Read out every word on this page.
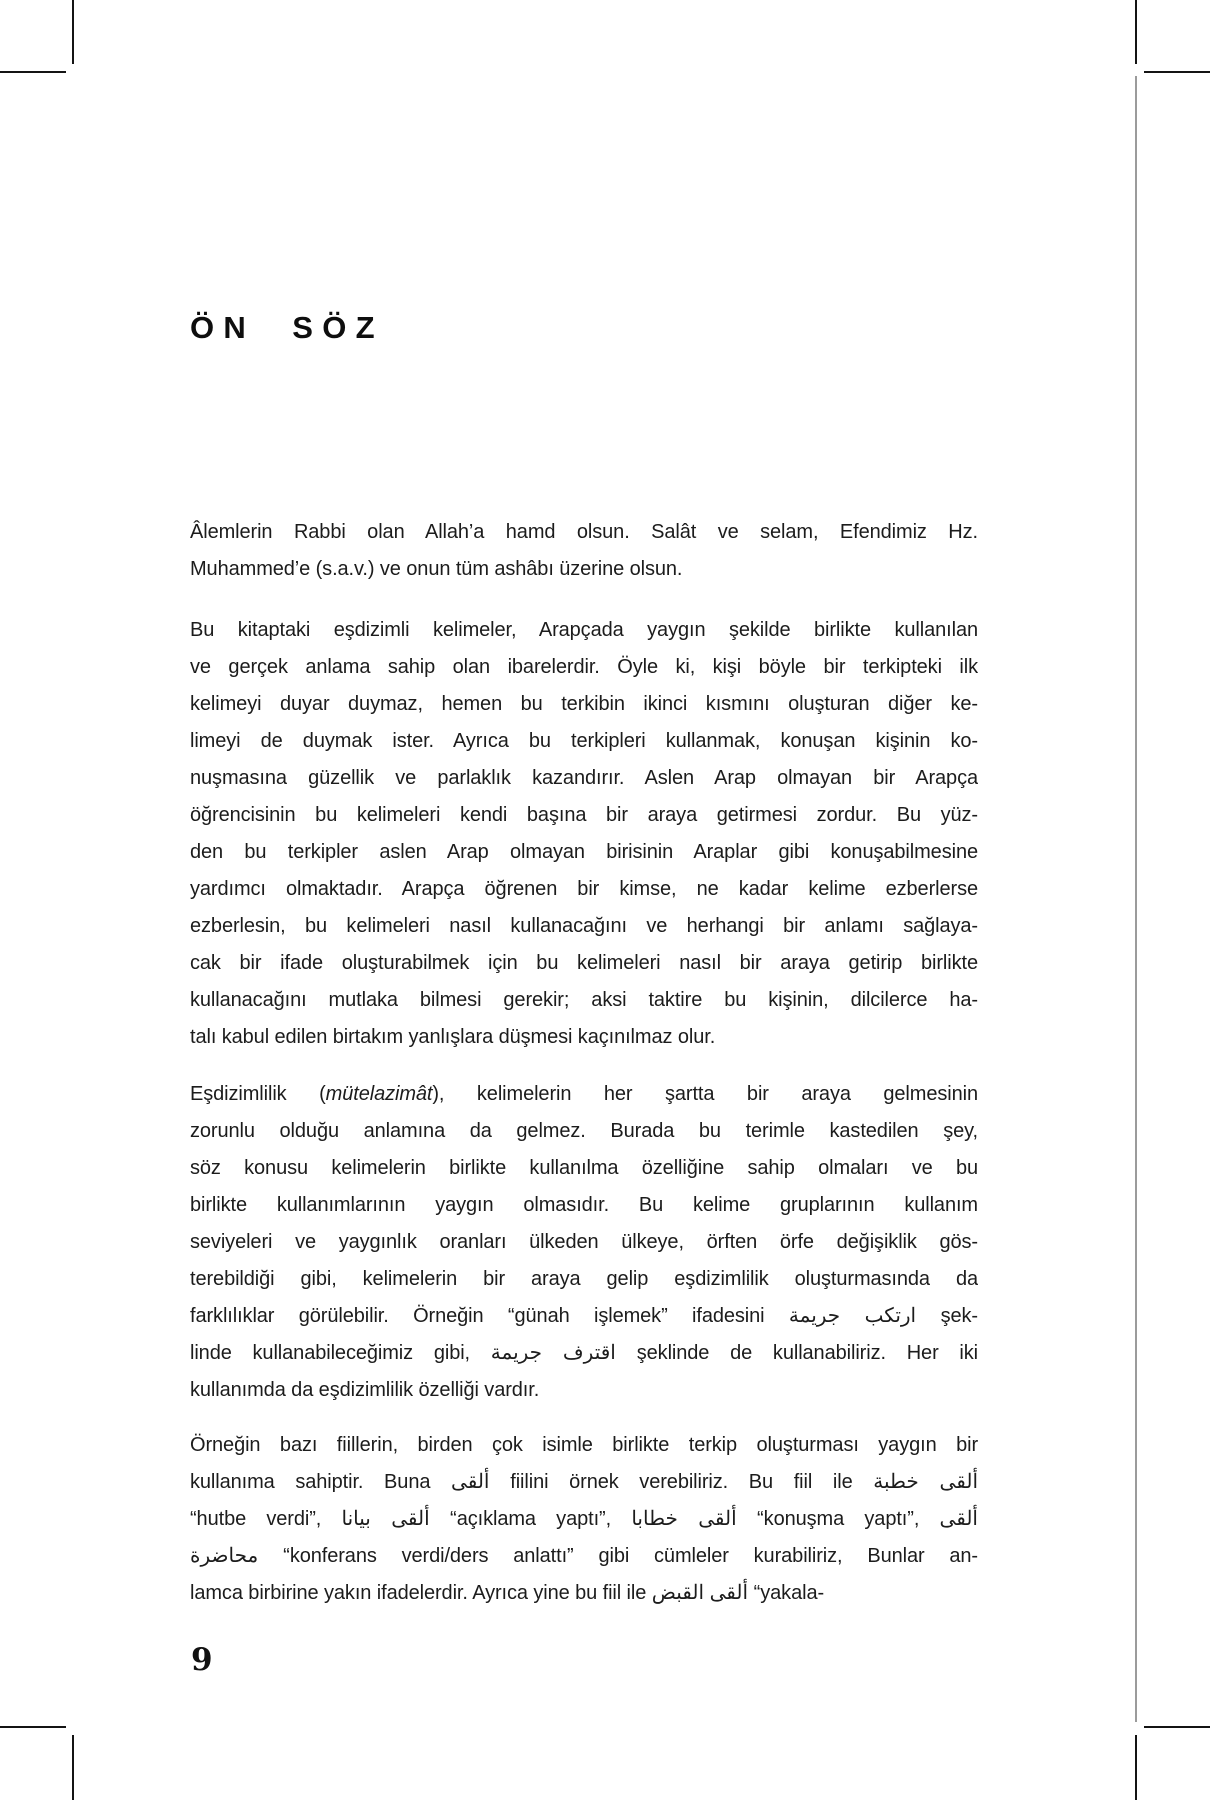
ÖN SÖZ
Âlemlerin Rabbi olan Allah’a hamd olsun. Salât ve selam, Efendimiz Hz.
Muhammed’e (s.a.v.) ve onun tüm ashâbı üzerine olsun.
Bu kitaptaki eşdizimli kelimeler, Arapçada yaygın şekilde birlikte kullanılan
ve gerçek anlama sahip olan ibarelerdir. Öyle ki, kişi böyle bir terkipteki ilk
kelimeyi duyar duymaz, hemen bu terkibin ikinci kısmını oluşturan diğer ke-
limeyi de duymak ister. Ayrıca bu terkipleri kullanmak, konuşan kişinin ko-
nuşmasına güzellik ve parlaklık kazandırır. Aslen Arap olmayan bir Arapça
öğrencisinin bu kelimeleri kendi başına bir araya getirmesi zordur. Bu yüz-
den bu terkipler aslen Arap olmayan birisinin Araplar gibi konuşabilmesine
yardımcı olmaktadır. Arapça öğrenen bir kimse, ne kadar kelime ezberlerse
ezberlesin, bu kelimeleri nasıl kullanacağını ve herhangi bir anlamı sağlaya-
cak bir ifade oluşturabilmek için bu kelimeleri nasıl bir araya getirip birlikte
kullanacağını mutlaka bilmesi gerekir; aksi taktire bu kişinin, dilcilerce ha-
talı kabul edilen birtakım yanlışlara düşmesi kaçınılmaz olur.
Eşdizimlilik (mütelazimât), kelimelerin her şartta bir araya gelmesinin
zorunlu olduğu anlamına da gelmez. Burada bu terimle kastedilen şey,
söz konusu kelimelerin birlikte kullanılma özelliğine sahip olmaları ve bu
birlikte kullanımlarının yaygın olmasıdır. Bu kelime gruplarının kullanım
seviyeleri ve yaygınlık oranları ülkeden ülkeye, örften örfe değişiklik gös-
terebildiği gibi, kelimelerin bir araya gelip eşdizimlilik oluşturmasında da
farklılıklar görülebilir. Örneğin “günah işlemek” ifadesini ارتكب جريمة şek-
linde kullanabileceğimiz gibi, اقترف جريمة şeklinde de kullanabiliriz. Her iki
kullanımda da eşdizimlilik özelliği vardır.
Örneğin bazı fiillerin, birden çok isimle birlikte terkip oluşturması yaygın bir
kullanıma sahiptir. Buna ألقى fiilini örnek verebiliriz. Bu fiil ile ألقى خطبة
“hutbe verdi”, ألقى بيانا “açıklama yaptı”, ألقى خطابا “konuşma yaptı”, ألقى
محاضرة “konferans verdi/ders anlattı” gibi cümleler kurabiliriz, Bunlar an-
lamca birbirine yakın ifadelerdir. Ayrıca yine bu fiil ile ألقى القبض “yakala-
9
